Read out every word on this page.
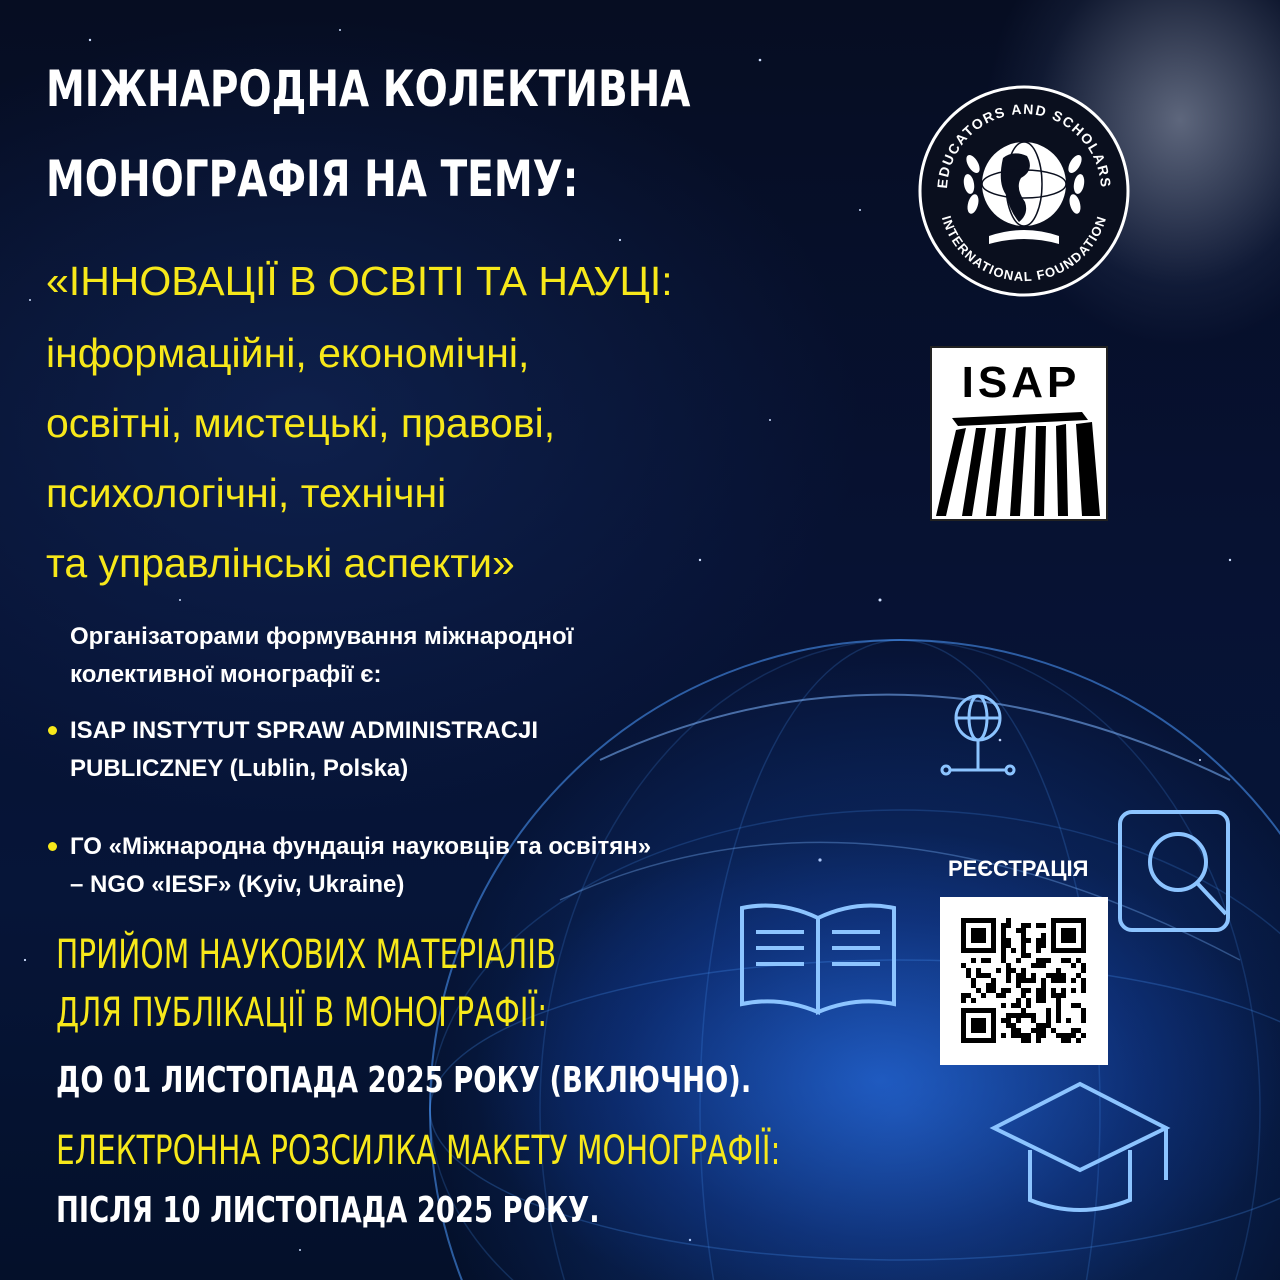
МІЖНАРОДНА КОЛЕКТИВНА
МОНОГРАФІЯ НА ТЕМУ:
«ІННОВАЦІЇ В ОСВІТІ ТА НАУЦІ:
інформаційні, економічні,
освітні, мистецькі, правові,
психологічні, технічні
та управлінські аспекти»
Організаторами формування міжнародної
колективної монографії є:
ISAP INSTYTUT SPRAW ADMINISTRACJI
PUBLICZNEY (Lublin, Polska)
ГО «Міжнародна фундація науковців та освітян»
– NGO «IESF» (Kyiv, Ukraine)
ПРИЙОМ НАУКОВИХ МАТЕРІАЛІВ
ДЛЯ ПУБЛІКАЦІЇ В МОНОГРАФІЇ:
ДО 01 ЛИСТОПАДА 2025 РОКУ (ВКЛЮЧНО).
ЕЛЕКТРОННА РОЗСИЛКА МАКЕТУ МОНОГРАФІЇ:
ПІСЛЯ 10 ЛИСТОПАДА 2025 РОКУ.
EDUCATORS AND SCHOLARS
INTERNATIONAL FOUNDATION
ISAP
РЕЄСТРАЦІЯ
